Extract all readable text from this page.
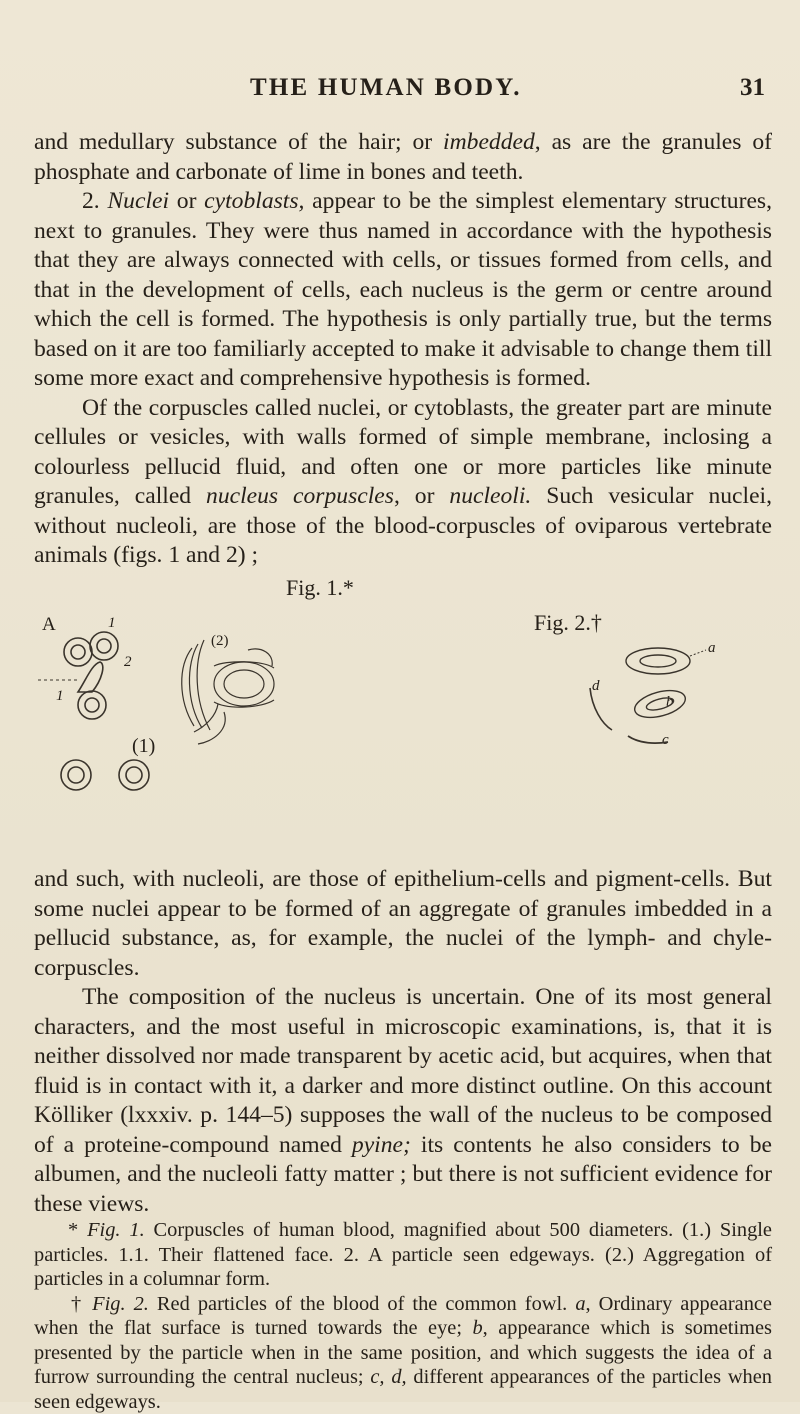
THE HUMAN BODY.	31

and medullary substance of the hair; or imbedded, as are the granules of phosphate and carbonate of lime in bones and teeth.
2. Nuclei or cytoblasts, appear to be the simplest elementary structures, next to granules. They were thus named in accordance with the hypothesis that they are always connected with cells, or tissues formed from cells, and that in the development of cells, each nucleus is the germ or centre around which the cell is formed. The hypothesis is only partially true, but the terms based on it are too familiarly accepted to make it advisable to change them till some more exact and comprehensive hypothesis is formed.
Of the corpuscles called nuclei, or cytoblasts, the greater part are minute cellules or vesicles, with walls formed of simple membrane, inclosing a colourless pellucid fluid, and often one or more particles like minute granules, called nucleus corpuscles, or nucleoli. Such vesicular nuclei, without nucleoli, are those of the blood-corpuscles of oviparous vertebrate animals (figs. 1 and 2) ;

Fig. 1.*
A	1
2
1
(2)
(1)
Fig. 2.†
a
d
b
c

and such, with nucleoli, are those of epithelium-cells and pigment-cells. But some nuclei appear to be formed of an aggregate of granules imbedded in a pellucid substance, as, for example, the nuclei of the lymph- and chyle-corpuscles.
The composition of the nucleus is uncertain. One of its most general characters, and the most useful in microscopic examinations, is, that it is neither dissolved nor made transparent by acetic acid, but acquires, when that fluid is in contact with it, a darker and more distinct outline. On this account Kölliker (lxxxiv. p. 144–5) supposes the wall of the nucleus to be composed of a proteine-compound named pyine; its contents he also considers to be albumen, and the nucleoli fatty matter ; but there is not sufficient evidence for these views.

* Fig. 1. Corpuscles of human blood, magnified about 500 diameters. (1.) Single particles. 1.1. Their flattened face. 2. A particle seen edgeways. (2.) Aggregation of particles in a columnar form.
† Fig. 2. Red particles of the blood of the common fowl. a, Ordinary appearance when the flat surface is turned towards the eye; b, appearance which is sometimes presented by the particle when in the same position, and which suggests the idea of a furrow surrounding the central nucleus; c, d, different appearances of the particles when seen edgeways.
